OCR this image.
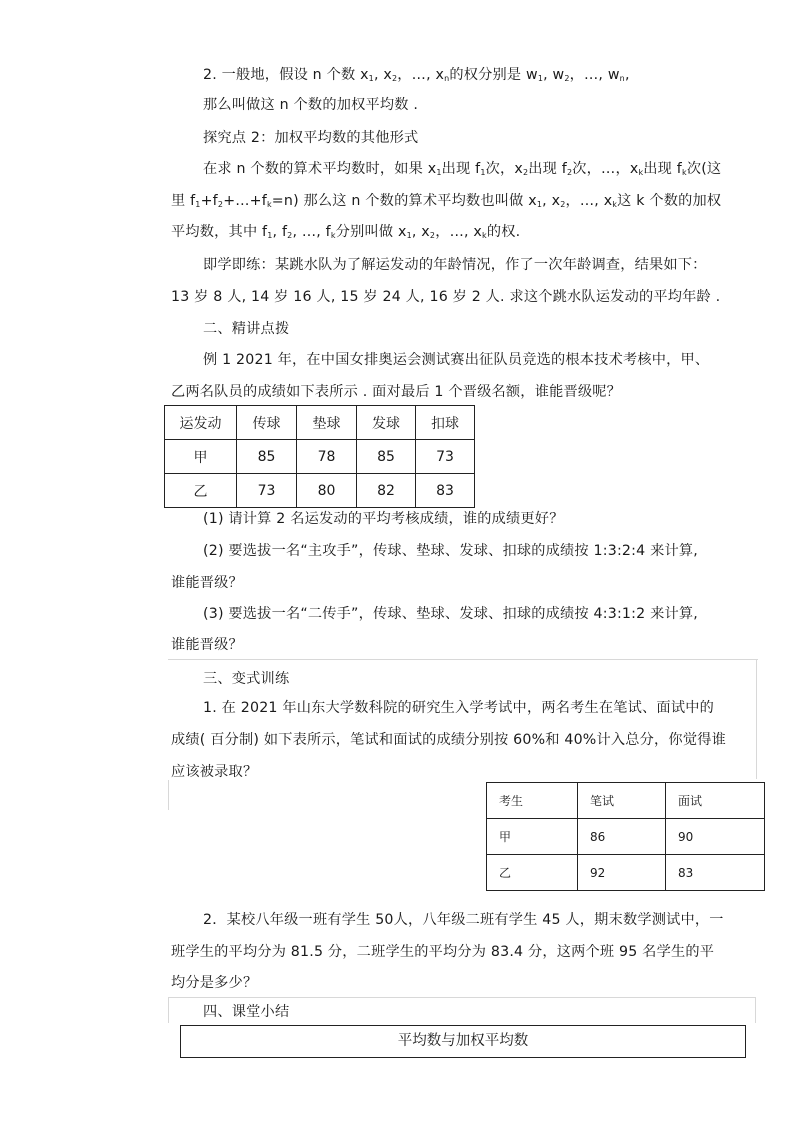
2. 一般地，假设 n 个数 $x_1$, $x_2$，…, $x_n$的权分别是 $w_1$, $w_2$，…, $w_n$,
那么叫做这 n 个数的加权平均数 .
探究点 2：加权平均数的其他形式
在求 n 个数的算术平均数时，如果 $x_1$出现 $f_1$次，$x_2$出现 $f_2$次，…，$x_k$出现 $f_k$次(这
里 $f_1+f_2+\dots+f_k=n$) 那么这 n 个数的算术平均数也叫做 $x_1$, $x_2$，…, $x_k$这 k 个数的加权
平均数，其中 $f_1$, $f_2$, …, $f_k$分别叫做 $x_1$, $x_2$，…, $x_k$的权.
即学即练：某跳水队为了解运发动的年龄情况，作了一次年龄调查，结果如下：
13 岁 8 人, 14 岁 16 人, 15 岁 24 人, 16 岁 2 人. 求这个跳水队运发动的平均年龄 .
二、精讲点拨
例 1 2021 年，在中国女排奥运会测试赛出征队员竞选的根本技术考核中，甲、
乙两名队员的成绩如下表所示 . 面对最后 1 个晋级名额，谁能晋级呢？
运发动	传球	垫球	发球	扣球
甲	85	78	85	73
乙	73	80	82	83
(1) 请计算 2 名运发动的平均考核成绩，谁的成绩更好？
(2) 要选拔一名“主攻手”，传球、垫球、发球、扣球的成绩按 1:3:2:4 来计算,
谁能晋级？
(3) 要选拔一名“二传手”，传球、垫球、发球、扣球的成绩按 4:3:1:2 来计算,
谁能晋级？
三、变式训练
1. 在 2021 年山东大学数科院的研究生入学考试中，两名考生在笔试、面试中的
成绩( 百分制) 如下表所示，笔试和面试的成绩分别按 60%和 40%计入总分，你觉得谁
应该被录取？
考生	笔试	面试
甲	86	90
乙	92	83
2．某校八年级一班有学生 50人，八年级二班有学生 45 人，期末数学测试中，一
班学生的平均分为 81.5 分，二班学生的平均分为 83.4 分，这两个班 95 名学生的平
均分是多少？
四、课堂小结
平均数与加权平均数
